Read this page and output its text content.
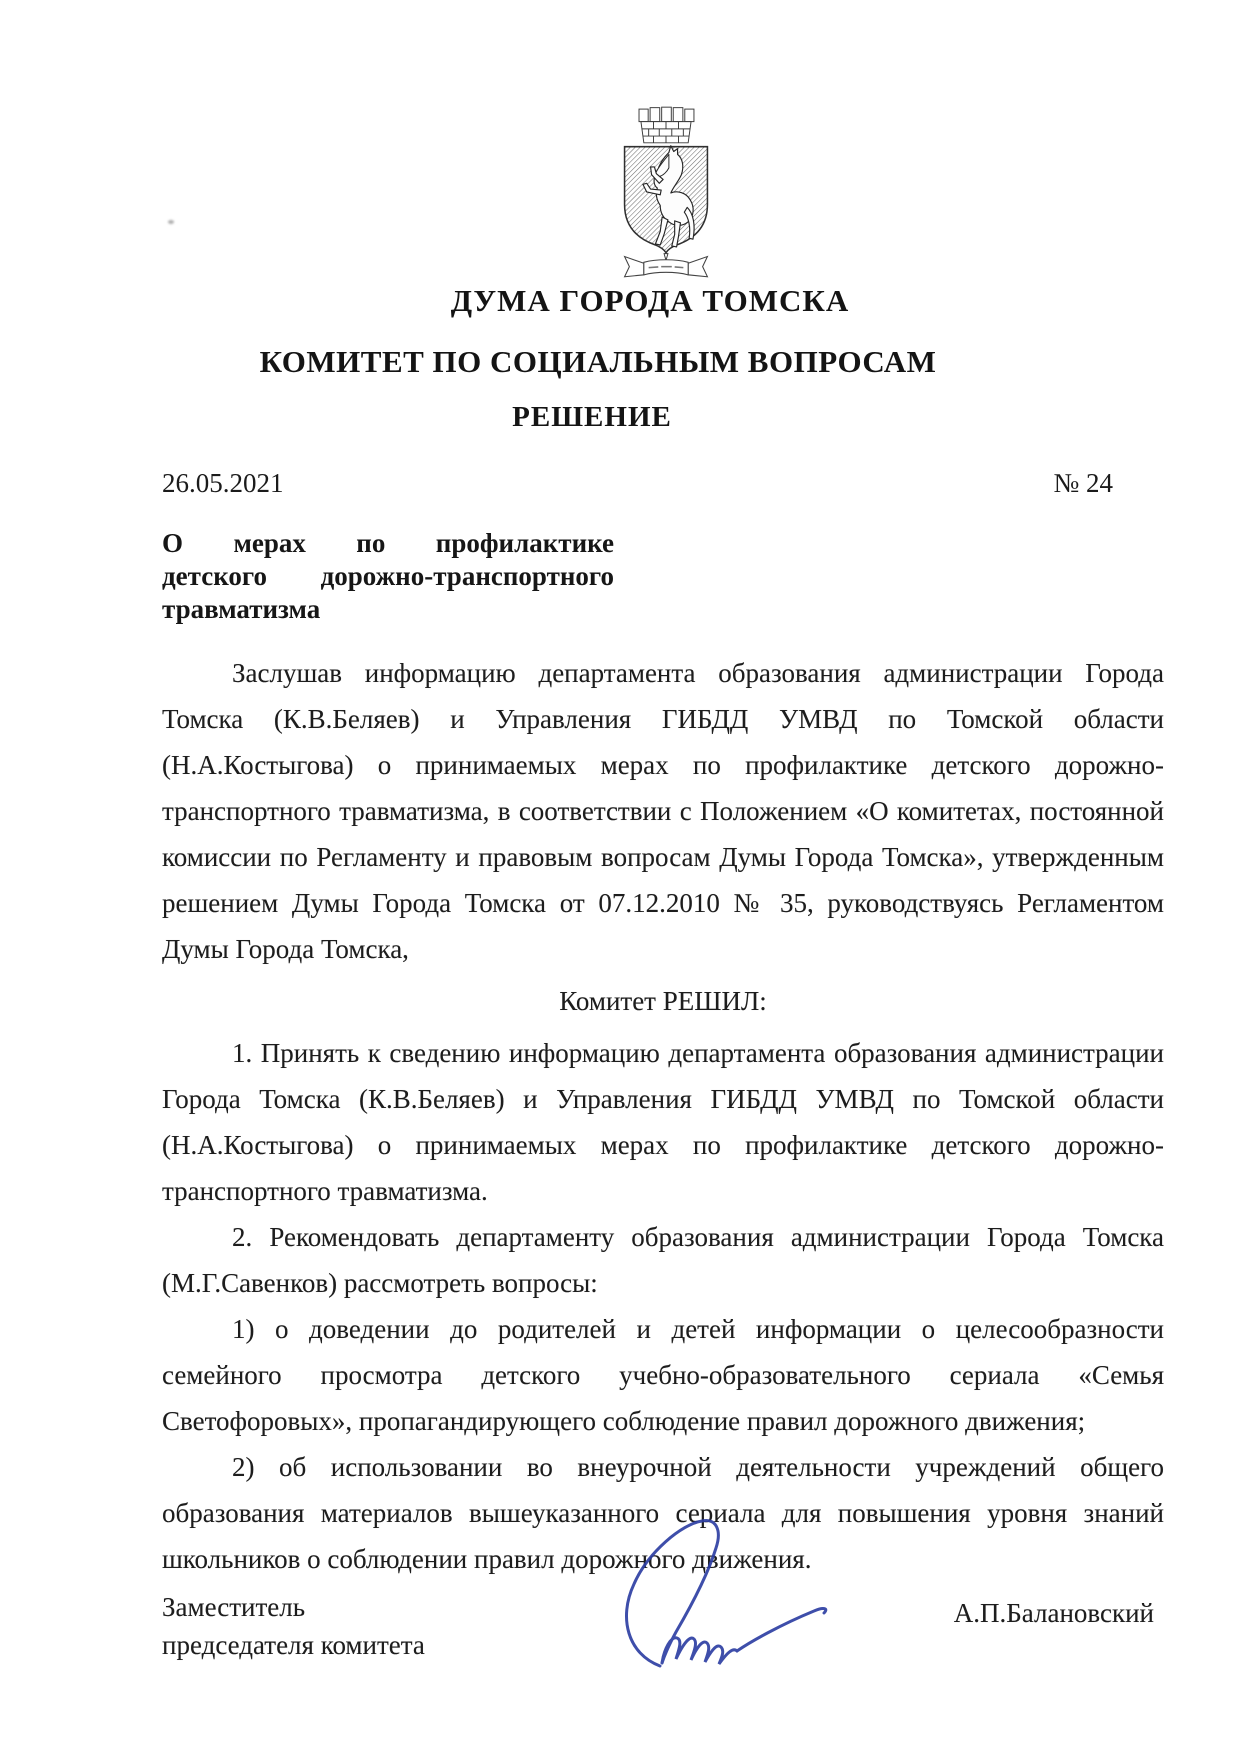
ДУМА ГОРОДА ТОМСКА
КОМИТЕТ ПО СОЦИАЛЬНЫМ ВОПРОСАМ
РЕШЕНИЕ
26.05.2021	№ 24
О мерах по профилактике
детского дорожно-транспортного
травматизма

Заслушав информацию департамента образования администрации Города Томска (К.В.Беляев) и Управления ГИБДД УМВД по Томской области (Н.А.Костыгова) о принимаемых мерах по профилактике детского дорожно-транспортного травматизма, в соответствии с Положением «О комитетах, постоянной комиссии по Регламенту и правовым вопросам Думы Города Томска», утвержденным решением Думы Города Томска от 07.12.2010 № 35, руководствуясь Регламентом Думы Города Томска,

Комитет РЕШИЛ:

1. Принять к сведению информацию департамента образования администрации Города Томска (К.В.Беляев) и Управления ГИБДД УМВД по Томской области (Н.А.Костыгова) о принимаемых мерах по профилактике детского дорожно-транспортного травматизма.

2. Рекомендовать департаменту образования администрации Города Томска (М.Г.Савенков) рассмотреть вопросы:

1) о доведении до родителей и детей информации о целесообразности семейного просмотра детского учебно-образовательного сериала «Семья Светофоровых», пропагандирующего соблюдение правил дорожного движения;

2) об использовании во внеурочной деятельности учреждений общего образования материалов вышеуказанного сериала для повышения уровня знаний школьников о соблюдении правил дорожного движения.

Заместитель
председателя комитета
А.П.Балановский
